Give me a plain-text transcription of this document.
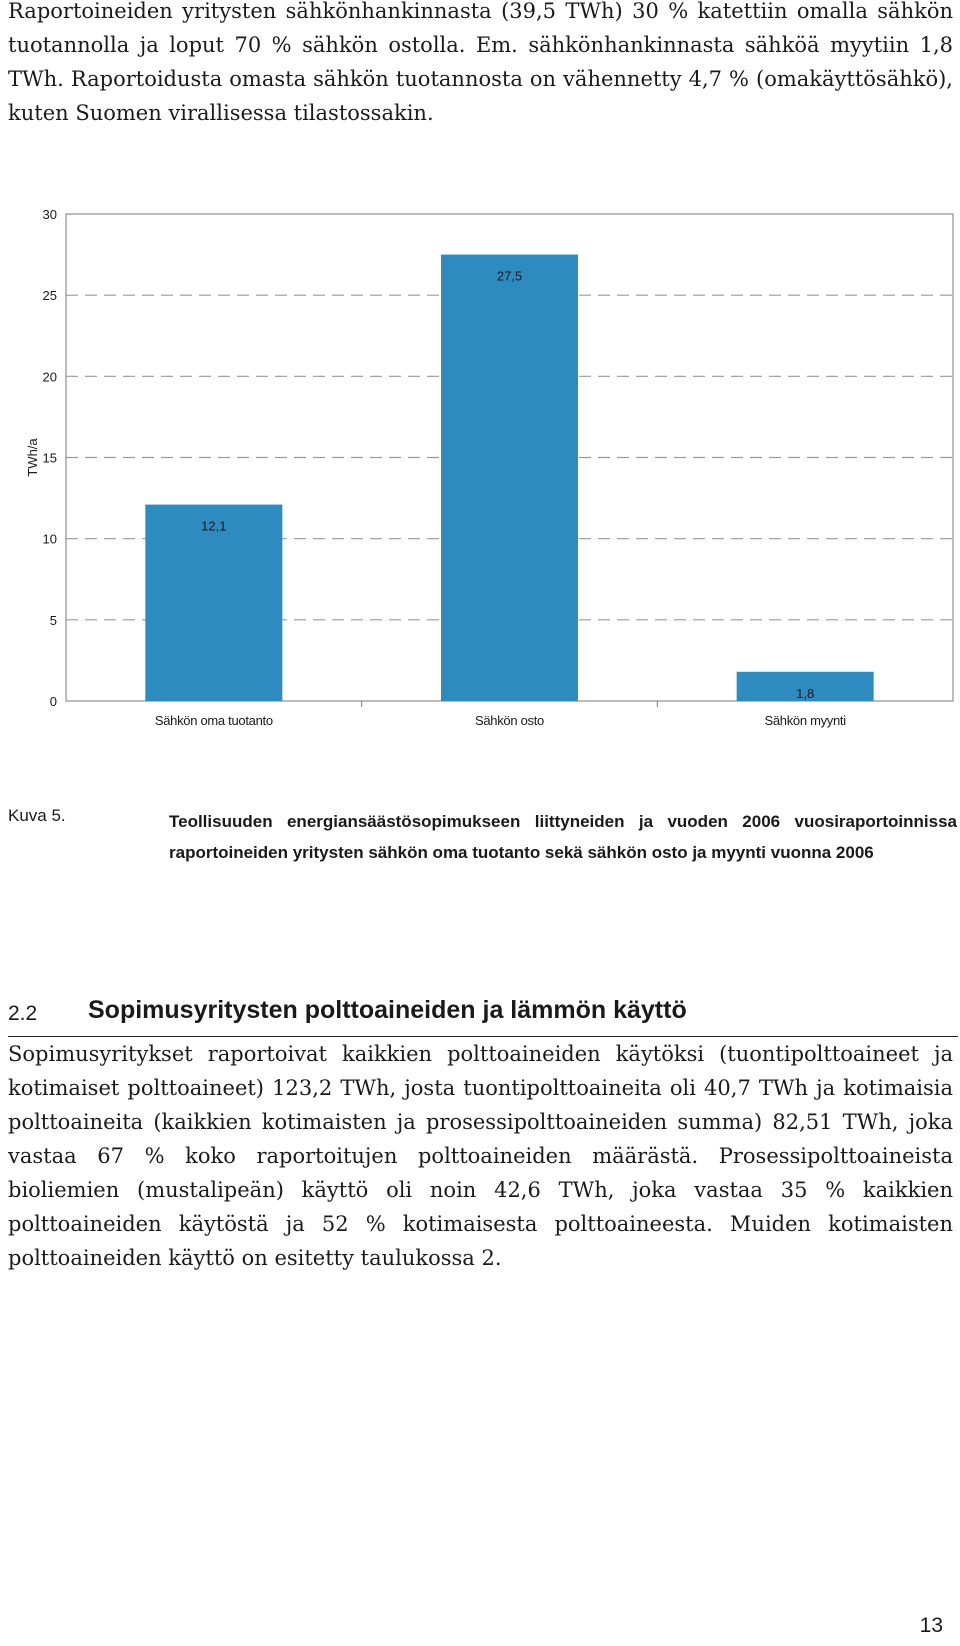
Raportoineiden yritysten sähkönhankinnasta (39,5 TWh) 30 % katettiin omalla sähkön tuotannolla ja loput 70 % sähkön ostolla. Em. sähkönhankinnasta sähköä myytiin 1,8 TWh. Raportoidusta omasta sähkön tuotannosta on vähennetty 4,7 % (omakäyttösähkö), kuten Suomen virallisessa tilastossakin.

0
5
10
15
20
25
30
12,1
Sähkön oma tuotanto
27,5
Sähkön osto
1,8
Sähkön myynti
TWh/a
Kuva 5.	Teollisuuden energiansäästösopimukseen liittyneiden ja vuoden 2006 vuosiraportoinnissa raportoineiden yritysten sähkön oma tuotanto sekä sähkön osto ja myynti vuonna 2006
2.2 Sopimusyritysten polttoaineiden ja lämmön käyttö

Sopimusyritykset raportoivat kaikkien polttoaineiden käytöksi (tuontipolttoaineet ja kotimaiset polttoaineet) 123,2 TWh, josta tuontipolttoaineita oli 40,7 TWh ja kotimaisia polttoaineita (kaikkien kotimaisten ja prosessipolttoaineiden summa) 82,51 TWh, joka vastaa 67 % koko raportoitujen polttoaineiden määrästä. Prosessipolttoaineista bioliemien (mustalipeän) käyttö oli noin 42,6 TWh, joka vastaa 35 % kaikkien polttoaineiden käytöstä ja 52 % kotimaisesta polttoaineesta. Muiden kotimaisten polttoaineiden käyttö on esitetty taulukossa 2.

13
